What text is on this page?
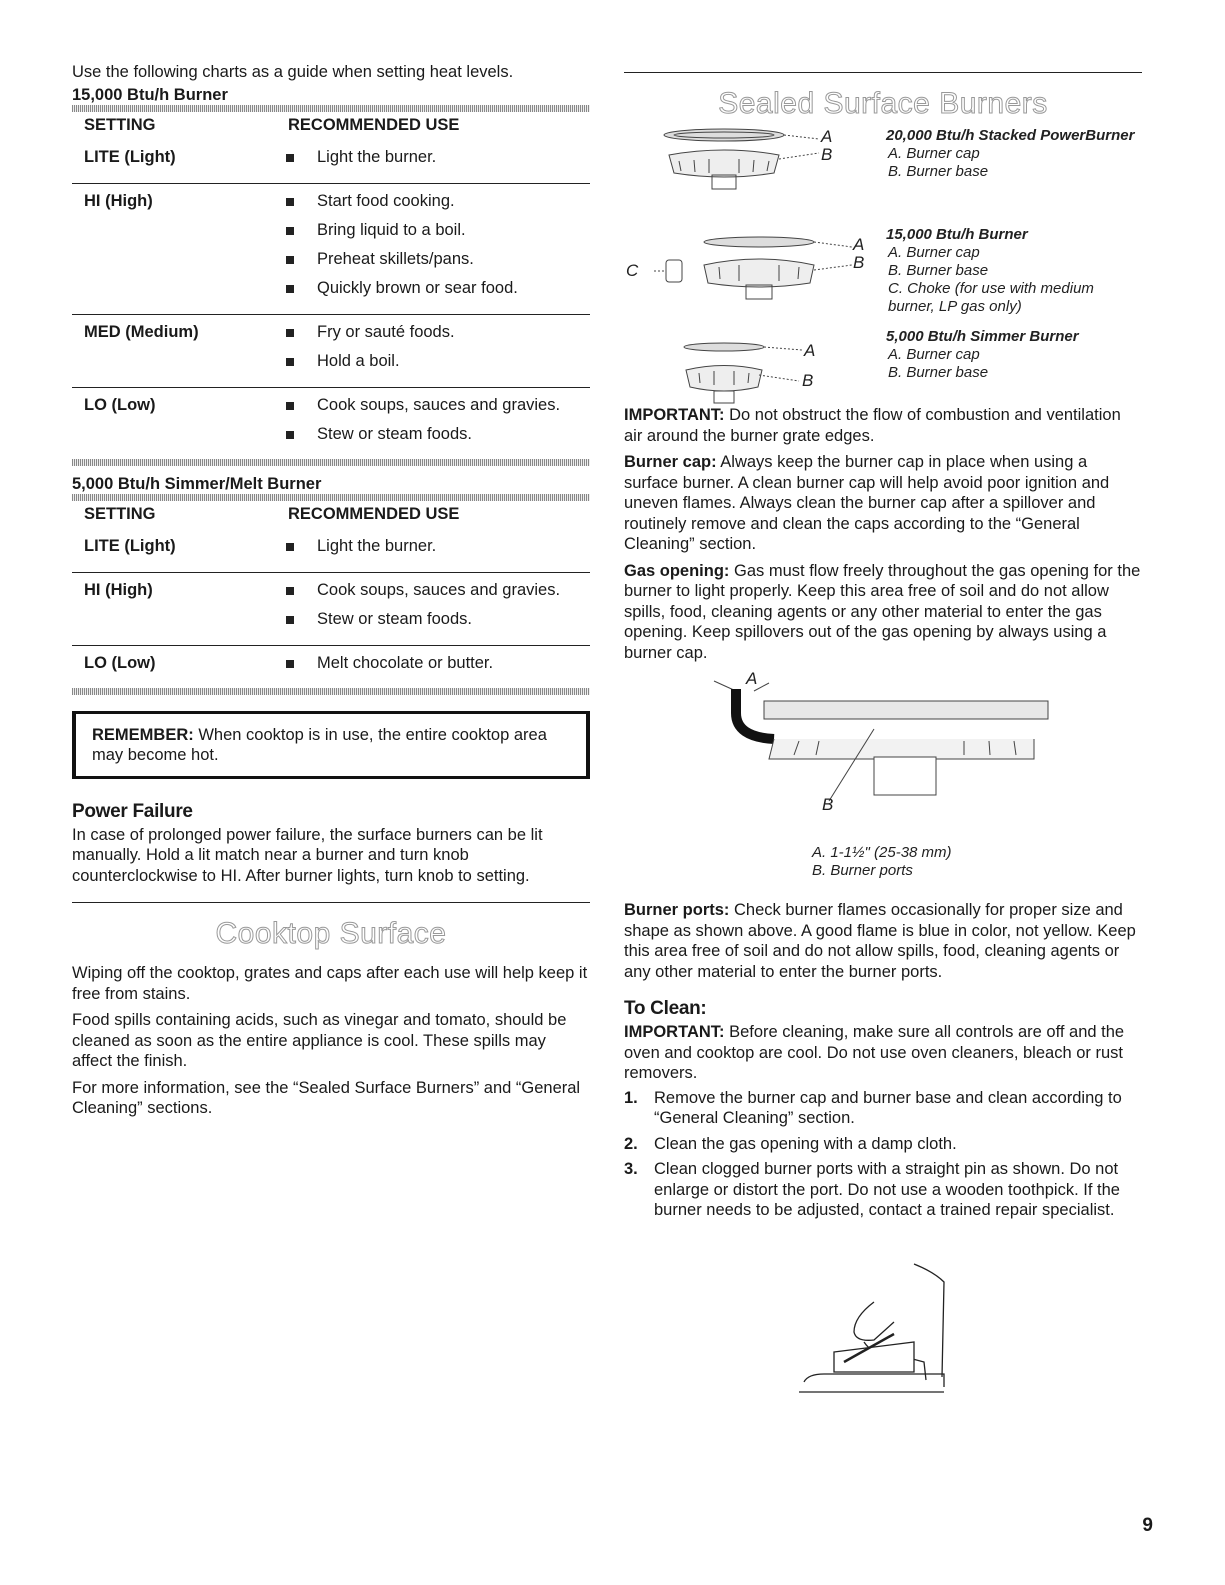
Use the following charts as a guide when setting heat levels.

15,000 Btu/h Burner
SETTING	RECOMMENDED USE
LITE (Light)	Light the burner.

HI (High)	Start food cooking.
Bring liquid to a boil.
Preheat skillets/pans.
Quickly brown or sear food.

MED (Medium)	Fry or sauté foods.
Hold a boil.

LO (Low)	Cook soups, sauces and gravies.
Stew or steam foods.
5,000 Btu/h Simmer/Melt Burner
SETTING	RECOMMENDED USE
LITE (Light)	Light the burner.

HI (High)	Cook soups, sauces and gravies.
Stew or steam foods.

LO (Low)	Melt chocolate or butter.

REMEMBER: When cooktop is in use, the entire cooktop area may become hot.

Power Failure

In case of prolonged power failure, the surface burners can be lit manually. Hold a lit match near a burner and turn knob counterclockwise to HI. After burner lights, turn knob to setting.

Cooktop Surface

Wiping off the cooktop, grates and caps after each use will help keep it free from stains.

Food spills containing acids, such as vinegar and tomato, should be cleaned as soon as the entire appliance is cool. These spills may affect the finish.

For more information, see the “Sealed Surface Burners” and “General Cleaning” sections.

Sealed Surface Burners
A
B
A
B
C
A
B
20,000 Btu/h Stacked PowerBurner
A. Burner cap
B. Burner base
15,000 Btu/h Burner
A. Burner cap
B. Burner base

C. Choke (for use with medium burner, LP gas only)
5,000 Btu/h Simmer Burner
A. Burner cap
B. Burner base

IMPORTANT: Do not obstruct the flow of combustion and ventilation air around the burner grate edges.

Burner cap: Always keep the burner cap in place when using a surface burner. A clean burner cap will help avoid poor ignition and uneven flames. Always clean the burner cap after a spillover and routinely remove and clean the caps according to the “General Cleaning” section.

Gas opening: Gas must flow freely throughout the gas opening for the burner to light properly. Keep this area free of soil and do not allow spills, food, cleaning agents or any other material to enter the gas opening. Keep spillovers out of the gas opening by always using a burner cap.

A
B
A. 1-1½" (25-38 mm)
B. Burner ports

Burner ports: Check burner flames occasionally for proper size and shape as shown above. A good flame is blue in color, not yellow. Keep this area free of soil and do not allow spills, food, cleaning agents or any other material to enter the burner ports.

To Clean:

IMPORTANT: Before cleaning, make sure all controls are off and the oven and cooktop are cool. Do not use oven cleaners, bleach or rust removers.

1. Remove the burner cap and burner base and clean according to “General Cleaning” section.
2. Clean the gas opening with a damp cloth.
3. Clean clogged burner ports with a straight pin as shown. Do not enlarge or distort the port. Do not use a wooden toothpick. If the burner needs to be adjusted, contact a trained repair specialist.
9
